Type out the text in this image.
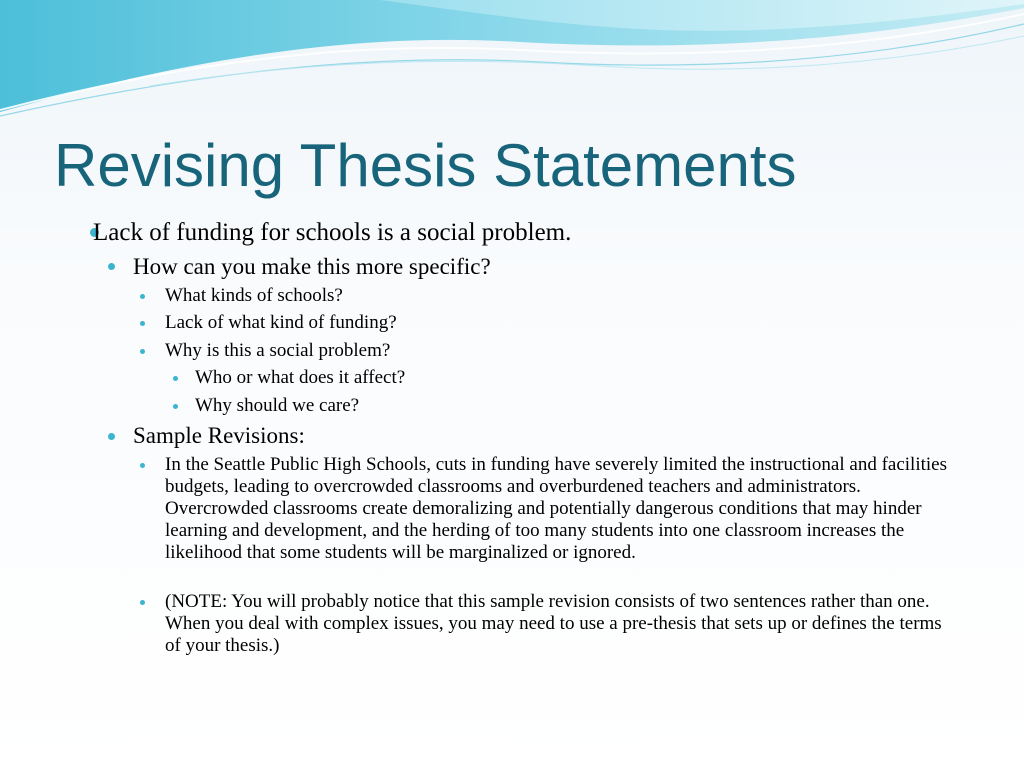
Revising Thesis Statements

Lack of funding for schools is a social problem.

How can you make this more specific?

What kinds of schools?

Lack of what kind of funding?

Why is this a social problem?

Who or what does it affect?

Why should we care?

Sample Revisions:

In the Seattle Public High Schools, cuts in funding have severely limited the instructional and facilities budgets, leading to overcrowded classrooms and overburdened teachers and administrators. Overcrowded classrooms create demoralizing and potentially dangerous conditions that may hinder learning and development, and the herding of too many students into one classroom increases the likelihood that some students will be marginalized or ignored.

(NOTE: You will probably notice that this sample revision consists of two sentences rather than one. When you deal with complex issues, you may need to use a pre-thesis that sets up or defines the terms of your thesis.)
